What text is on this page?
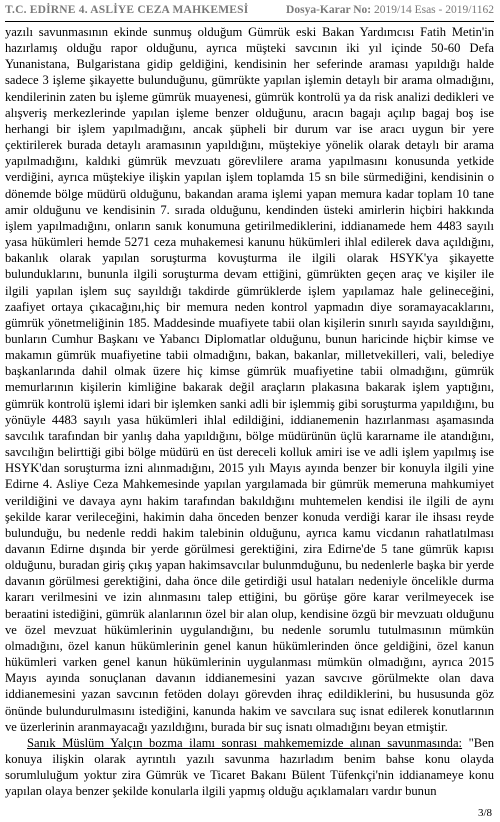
T.C. EDİRNE 4. ASLİYE CEZA MAHKEMESİ	Dosya-Karar No: 2019/14 Esas - 2019/1162

yazılı savunmasının ekinde sunmuş olduğum Gümrük eski Bakan Yardımcısı Fatih Metin'in hazırlamış olduğu rapor olduğunu, ayrıca müşteki savcının iki yıl içinde 50-60 Defa Yunanistana, Bulgaristana gidip geldiğini, kendisinin her seferinde araması yapıldığı halde sadece 3 işleme şikayette bulunduğunu, gümrükte yapılan işlemin detaylı bir arama olmadığını, kendilerinin zaten bu işleme gümrük muayenesi, gümrük kontrolü ya da risk analizi dedikleri ve alışveriş merkezlerinde yapılan işleme benzer olduğunu, aracın bagajı açılıp bagaj boş ise herhangi bir işlem yapılmadığını, ancak şüpheli bir durum var ise aracı uygun bir yere çektirilerek burada detaylı aramasının yapıldığını, müştekiye yönelik olarak detaylı bir arama yapılmadığını, kaldıki gümrük mevzuatı görevlilere arama yapılmasını konusunda yetkide verdiğini, ayrıca müştekiye ilişkin yapılan işlem toplamda 15 sn bile sürmediğini, kendisinin o dönemde bölge müdürü olduğunu, bakandan arama işlemi yapan memura kadar toplam 10 tane amir olduğunu ve kendisinin 7. sırada olduğunu, kendinden üsteki amirlerin hiçbiri hakkında işlem yapılmadığını, onların sanık konumuna getirilmediklerini, iddianamede hem 4483 sayılı yasa hükümleri hemde 5271 ceza muhakemesi kanunu hükümleri ihlal edilerek dava açıldığını, bakanlık olarak yapılan soruşturma kovuşturma ile ilgili olarak HSYK'ya şikayette bulunduklarını, bununla ilgili soruşturma devam ettiğini, gümrükten geçen araç ve kişiler ile ilgili yapılan işlem suç sayıldığı takdirde gümrüklerde işlem yapılamaz hale gelineceğini, zaafiyet ortaya çıkacağını,hiç bir memura neden kontrol yapmadın diye soramayacaklarını, gümrük yönetmeliğinin 185. Maddesinde muafiyete tabii olan kişilerin sınırlı sayıda sayıldığını, bunların Cumhur Başkanı ve Yabancı Diplomatlar olduğunu, bunun haricinde hiçbir kimse ve makamın gümrük muafiyetine tabii olmadığını, bakan, bakanlar, milletvekilleri, vali, belediye başkanlarında dahil olmak üzere hiç kimse gümrük muafiyetine tabii olmadığını, gümrük memurlarının kişilerin kimliğine bakarak değil araçların plakasına bakarak işlem yaptığını, gümrük kontrolü işlemi idari bir işlemken sanki adli bir işlemmiş gibi soruşturma yapıldığını, bu yönüyle 4483 sayılı yasa hükümleri ihlal edildiğini, iddianemenin hazırlanması aşamasında savcılık tarafından bir yanlış daha yapıldığını, bölge müdürünün üçlü kararname ile atandığını, savcılığın belirttiği gibi bölge müdürü en üst dereceli kolluk amiri ise ve adli işlem yapılmış ise HSYK'dan soruşturma izni alınmadığını, 2015 yılı Mayıs ayında benzer bir konuyla ilgili yine Edirne 4. Asliye Ceza Mahkemesinde yapılan yargılamada bir gümrük memeruna mahkumiyet verildiğini ve davaya aynı hakim tarafından bakıldığını muhtemelen kendisi ile ilgili de aynı şekilde karar verileceğini, hakimin daha önceden benzer konuda verdiği karar ile ihsası reyde bulunduğu, bu nedenle reddi hakim talebinin olduğunu, ayrıca kamu vicdanın rahatlatılması davanın Edirne dışında bir yerde görülmesi gerektiğini, zira Edirne'de 5 tane gümrük kapısı olduğunu, buradan giriş çıkış yapan hakimsavcılar bulunmduğunu, bu nedenlerle başka bir yerde davanın görülmesi gerektiğini, daha önce dile getirdiği usul hataları nedeniyle öncelikle durma kararı verilmesini ve izin alınmasını talep ettiğini, bu görüşe göre karar verilmeyecek ise beraatini istediğini, gümrük alanlarının özel bir alan olup, kendisine özgü bir mevzuatı olduğunu ve özel mevzuat hükümlerinin uygulandığını, bu nedenle sorumlu tutulmasının mümkün olmadığını, özel kanun hükümlerinin genel kanun hükümlerinden önce geldiğini, özel kanun hükümleri varken genel kanun hükümlerinin uygulanması mümkün olmadığını, ayrıca 2015 Mayıs ayında sonuçlanan davanın iddianemesini yazan savcıve görülmekte olan dava iddianemesini yazan savcının fetöden dolayı görevden ihraç edildiklerini, bu hususunda göz önünde bulundurulmasını istediğini, kanunda hakim ve savcılara suç isnat edilerek konutlarının ve üzerlerinin aranmayacağı yazıldığını, burada bir suç isnatı olmadığını beyan etmiştir.

Sanık Müslüm Yalçın bozma ilamı sonrası mahkememizde alınan savunmasında: "Ben konuya ilişkin olarak ayrıntılı yazılı savunma hazırladım benim bahse konu olayda sorumluluğum yoktur zira Gümrük ve Ticaret Bakanı Bülent Tüfenkçi'nin iddianameye konu yapılan olaya benzer şekilde konularla ilgili yapmış olduğu açıklamaları vardır bunun

3/8
